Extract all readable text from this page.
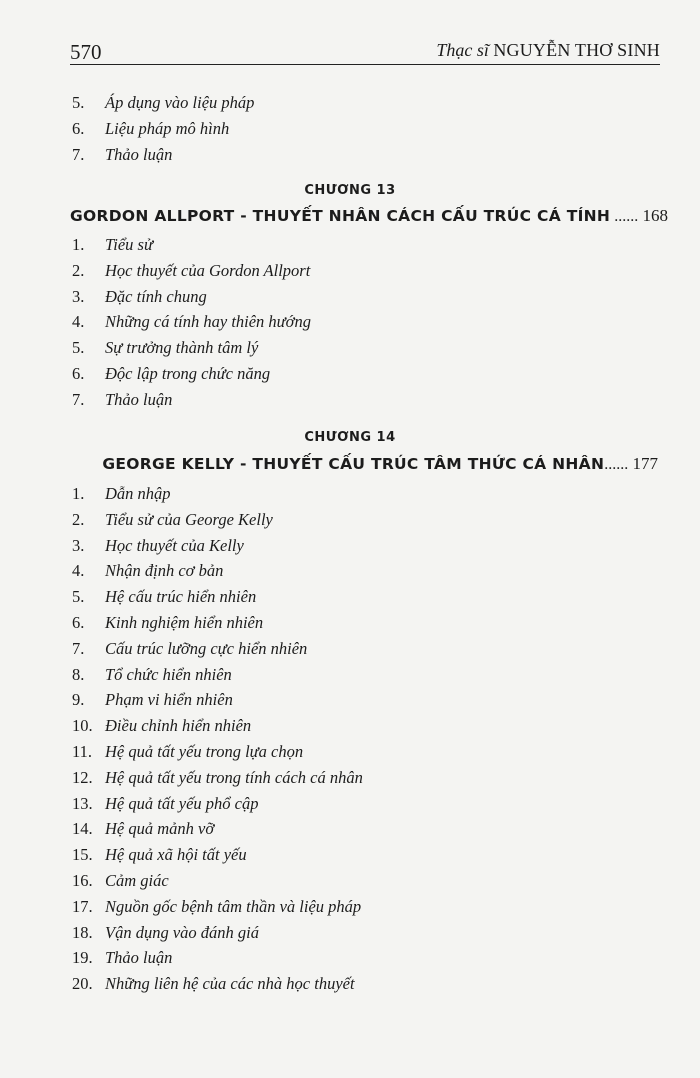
570	Thạc sĩ NGUYỄN THƠ SINH
5. Áp dụng vào liệu pháp
6. Liệu pháp mô hình
7. Thảo luận
CHƯƠNG 13
GORDON ALLPORT - THUYẾT NHÂN CÁCH CẤU TRÚC CÁ TÍNH ...... 168
1. Tiểu sử
2. Học thuyết của Gordon Allport
3. Đặc tính chung
4. Những cá tính hay thiên hướng
5. Sự trưởng thành tâm lý
6. Độc lập trong chức năng
7. Thảo luận
CHƯƠNG 14
GEORGE KELLY - THUYẾT CẤU TRÚC TÂM THỨC CÁ NHÂN...... 177
1. Dẫn nhập
2. Tiểu sử của George Kelly
3. Học thuyết của Kelly
4. Nhận định cơ bản
5. Hệ cấu trúc hiển nhiên
6. Kinh nghiệm hiển nhiên
7. Cấu trúc lưỡng cực hiển nhiên
8. Tổ chức hiển nhiên
9. Phạm vi hiển nhiên
10. Điều chỉnh hiển nhiên
11. Hệ quả tất yếu trong lựa chọn
12. Hệ quả tất yếu trong tính cách cá nhân
13. Hệ quả tất yếu phổ cập
14. Hệ quả mảnh vỡ
15. Hệ quả xã hội tất yếu
16. Cảm giác
17. Nguồn gốc bệnh tâm thần và liệu pháp
18. Vận dụng vào đánh giá
19. Thảo luận
20. Những liên hệ của các nhà học thuyết
